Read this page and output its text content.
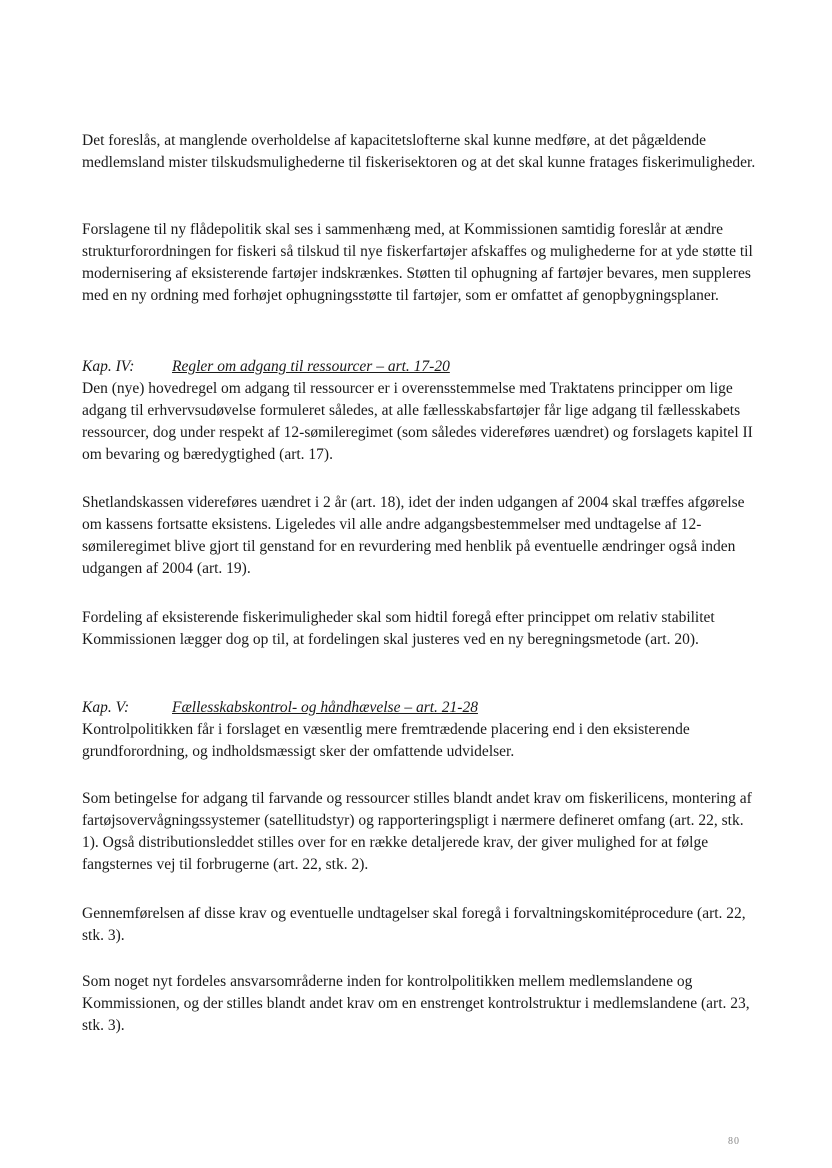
Det foreslås, at manglende overholdelse af kapacitetslofterne skal kunne medføre, at det pågældende medlemsland mister tilskudsmulighederne til fiskerisektoren og at det skal kunne fratages fiskerimuligheder.

Forslagene til ny flådepolitik skal ses i sammenhæng med, at Kommissionen samtidig foreslår at ændre strukturforordningen for fiskeri så tilskud til nye fiskerfartøjer afskaffes og mulighederne for at yde støtte til modernisering af eksisterende fartøjer indskrænkes. Støtten til ophugning af fartøjer bevares, men suppleres med en ny ordning med forhøjet ophugningsstøtte til fartøjer, som er omfattet af genopbygningsplaner.

Kap. IV: Regler om adgang til ressourcer – art. 17-20

Den (nye) hovedregel om adgang til ressourcer er i overensstemmelse med Traktatens principper om lige adgang til erhvervsudøvelse formuleret således, at alle fællesskabsfartøjer får lige adgang til fællesskabets ressourcer, dog under respekt af 12-sømileregimet (som således videreføres uændret) og forslagets kapitel II om bevaring og bæredygtighed (art. 17).

Shetlandskassen videreføres uændret i 2 år (art. 18), idet der inden udgangen af 2004 skal træffes afgørelse om kassens fortsatte eksistens. Ligeledes vil alle andre adgangsbestemmelser med undtagelse af 12-sømileregimet blive gjort til genstand for en revurdering med henblik på eventuelle ændringer også inden udgangen af 2004 (art. 19).

Fordeling af eksisterende fiskerimuligheder skal som hidtil foregå efter princippet om relativ stabilitet Kommissionen lægger dog op til, at fordelingen skal justeres ved en ny beregningsmetode (art. 20).

Kap. V:	Fællesskabskontrol- og håndhævelse – art. 21-28

Kontrolpolitikken får i forslaget en væsentlig mere fremtrædende placering end i den eksisterende grundforordning, og indholdsmæssigt sker der omfattende udvidelser.

Som betingelse for adgang til farvande og ressourcer stilles blandt andet krav om fiskerilicens, montering af fartøjsovervågningssystemer (satellitudstyr) og rapporteringspligt i nærmere defineret omfang (art. 22, stk. 1). Også distributionsleddet stilles over for en række detaljerede krav, der giver mulighed for at følge fangsternes vej til forbrugerne (art. 22, stk. 2).

Gennemførelsen af disse krav og eventuelle undtagelser skal foregå i forvaltningskomitéprocedure (art. 22, stk. 3).

Som noget nyt fordeles ansvarsområderne inden for kontrolpolitikken mellem medlemslandene og Kommissionen, og der stilles blandt andet krav om en enstrenget kontrolstruktur i medlemslandene (art. 23, stk. 3).

80
